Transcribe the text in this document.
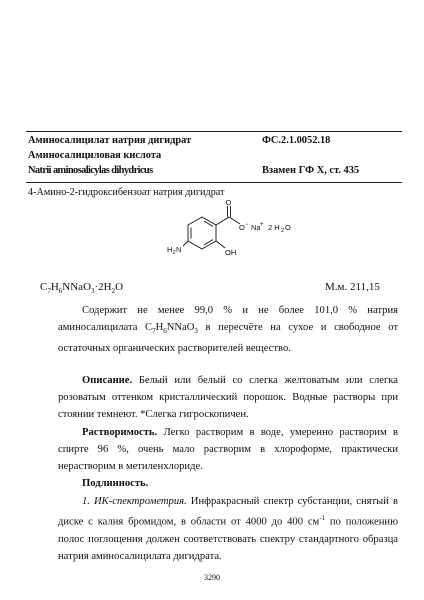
Аминосалицилат натрия дигидрат	ФС.2.1.0052.18
Аминосалициловая кислота
Natrii aminosalicylas dihydricus	Взамен ГФ X, ст. 435
4-Амино-2-гидроксибензоат натрия дигидрат
O
O − Na + 2 H 2 O
H 2 N	OH
$C_7H_6NNaO_3\cdot 2H_2O$	М.м. 211,15
Содержит не менее 99,0 % и не более 101,0 % натрия аминосалицилата $C_7H_6NNaO_3$ в пересчёте на сухое и свободное от остаточных органических растворителей вещество.
Описание. Белый или белый со слегка желтоватым или слегка розоватым оттенком кристаллический порошок. Водные растворы при стоянии темнеют. *Слегка гигроскопичен.
Растворимость. Легко растворим в воде, умеренно растворим в спирте 96 %, очень мало растворим в хлороформе, практически нерастворим в метиленхлориде.
Подлинность.
1. ИК-спектрометрия. Инфракрасный спектр субстанции, снятый в диске с калия бромидом, в области от 4000 до 400 $см^{-1}$ по положению полос поглощения должен соответствовать спектру стандартного образца натрия аминосалицилата дигидрата.
3290
